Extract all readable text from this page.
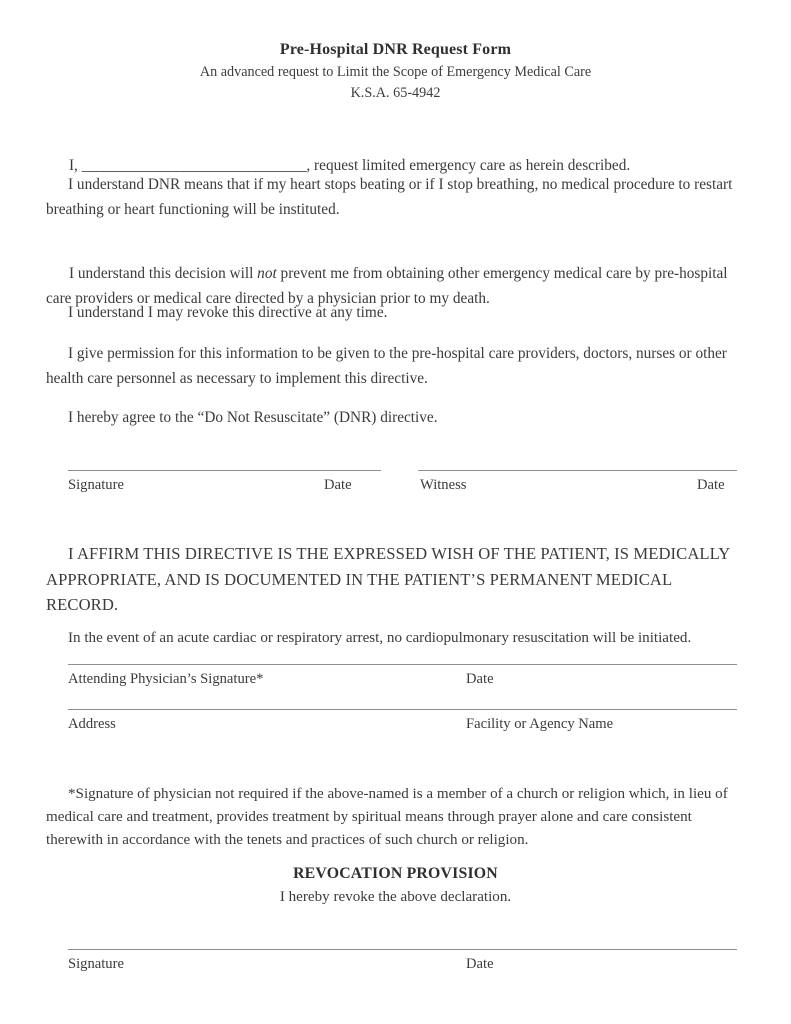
Pre-Hospital DNR Request Form
An advanced request to Limit the Scope of Emergency Medical Care
K.S.A. 65-4942

I, _______________________________, request limited emergency care as herein described.

I understand DNR means that if my heart stops beating or if I stop breathing, no medical procedure to restart breathing or heart functioning will be instituted.

I understand this decision will not prevent me from obtaining other emergency medical care by pre-hospital care providers or medical care directed by a physician prior to my death.

I understand I may revoke this directive at any time.

I give permission for this information to be given to the pre-hospital care providers, doctors, nurses or other health care personnel as necessary to implement this directive.

I hereby agree to the “Do Not Resuscitate” (DNR) directive.

Signature	Date	Witness	Date

I AFFIRM THIS DIRECTIVE IS THE EXPRESSED WISH OF THE PATIENT, IS MEDICALLY APPROPRIATE, AND IS DOCUMENTED IN THE PATIENT’S PERMANENT MEDICAL RECORD.

In the event of an acute cardiac or respiratory arrest, no cardiopulmonary resuscitation will be initiated.

Attending Physician’s Signature*	Date
Address	Facility or Agency Name

*Signature of physician not required if the above-named is a member of a church or religion which, in lieu of medical care and treatment, provides treatment by spiritual means through prayer alone and care consistent therewith in accordance with the tenets and practices of such church or religion.

REVOCATION PROVISION
I hereby revoke the above declaration.
Signature	Date
